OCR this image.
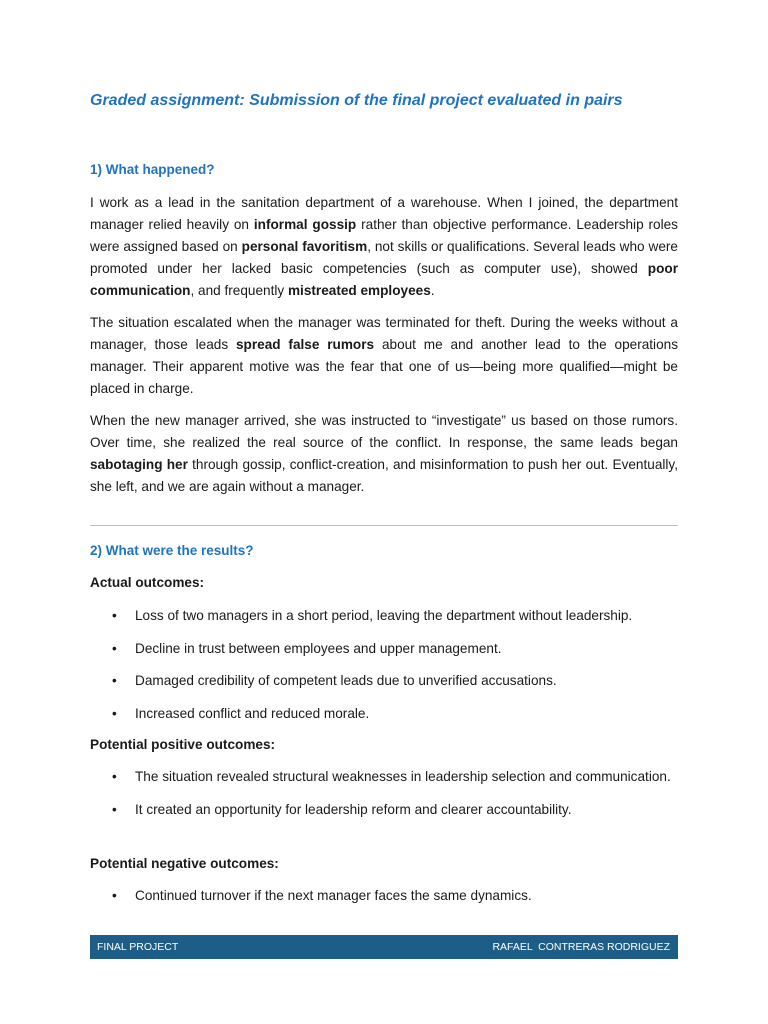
Graded assignment: Submission of the final project evaluated in pairs
1) What happened?

I work as a lead in the sanitation department of a warehouse. When I joined, the department manager relied heavily on informal gossip rather than objective performance. Leadership roles were assigned based on personal favoritism, not skills or qualifications. Several leads who were promoted under her lacked basic competencies (such as computer use), showed poor communication, and frequently mistreated employees.

The situation escalated when the manager was terminated for theft. During the weeks without a manager, those leads spread false rumors about me and another lead to the operations manager. Their apparent motive was the fear that one of us—being more qualified—might be placed in charge.

When the new manager arrived, she was instructed to “investigate” us based on those rumors. Over time, she realized the real source of the conflict. In response, the same leads began sabotaging her through gossip, conflict-creation, and misinformation to push her out. Eventually, she left, and we are again without a manager.

2) What were the results?
Actual outcomes:
• Loss of two managers in a short period, leaving the department without leadership.
• Decline in trust between employees and upper management.
• Damaged credibility of competent leads due to unverified accusations.
• Increased conflict and reduced morale.
Potential positive outcomes:
• The situation revealed structural weaknesses in leadership selection and communication.
• It created an opportunity for leadership reform and clearer accountability.
Potential negative outcomes:
• Continued turnover if the next manager faces the same dynamics.
FINAL PROJECT	RAFAEL  CONTRERAS RODRIGUEZ
